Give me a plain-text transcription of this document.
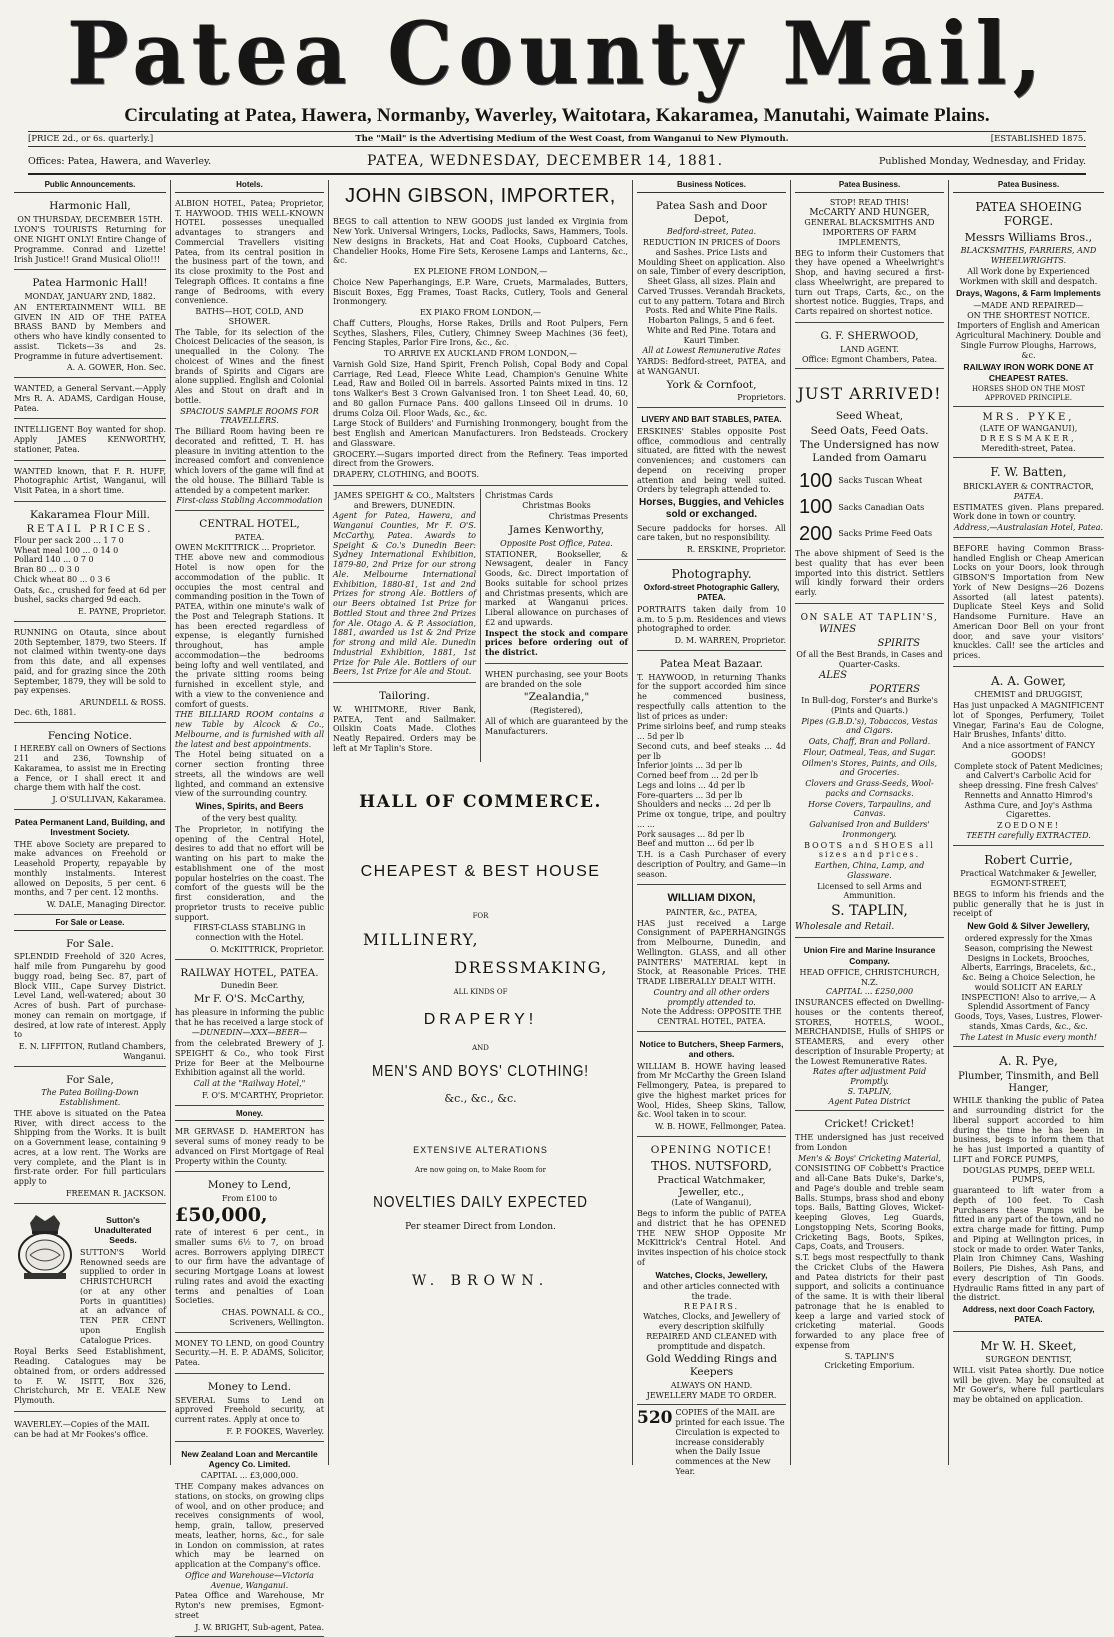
Patea County Mail,
Circulating at Patea, Hawera, Normanby, Waverley, Waitotara, Kakaramea, Manutahi, Waimate Plains.
[PRICE 2d., or 6s. quarterly.]	The "Mail" is the Advertising Medium of the West Coast, from Wanganui to New Plymouth.	[ESTABLISHED 1875.
Offices: Patea, Hawera, and Waverley.	PATEA, WEDNESDAY, DECEMBER 14, 1881.	Published Monday, Wednesday, and Friday.
Public Announcements.
Harmonic Hall,
ON THURSDAY, DECEMBER 15TH.

LYON'S TOURISTS Returning for ONE NIGHT ONLY! Entire Change of Programme. Conrad and Lizette! Irish Justice!! Grand Musical Olio!!!

Patea Harmonic Hall!
MONDAY, JANUARY 2ND, 1882.

AN ENTERTAINMENT WILL BE GIVEN IN AID OF THE PATEA BRASS BAND by Members and others who have kindly consented to assist. Tickets—3s and 2s. Programme in future advertisement.

A. A. GOWER, Hon. Sec.

WANTED, a General Servant.—Apply Mrs R. A. ADAMS, Cardigan House, Patea.

INTELLIGENT Boy wanted for shop. Apply JAMES KENWORTHY, stationer, Patea.

WANTED known, that F. R. HUFF, Photographic Artist, Wanganui, will Visit Patea, in a short time.

Kakaramea Flour Mill.
RETAIL PRICES.
Flour per sack 200 ... 1 7 0
Wheat meal 100 ... 0 14 0
Pollard 140 ... 0 7 0
Bran 80 ... 0 3 0
Chick wheat 80 ... 0 3 6

Oats, &c., crushed for feed at 6d per bushel, sacks charged 9d each.

E. PAYNE, Proprietor.

RUNNING on Otauta, since about 20th September, 1879, two Steers. If not claimed within twenty-one days from this date, and all expenses paid, and for grazing since the 20th September, 1879, they will be sold to pay expenses.

ARUNDELL & ROSS.
Dec. 6th, 1881.
Fencing Notice.

I HEREBY call on Owners of Sections 211 and 236, Township of Kakaramea, to assist me in Erecting a Fence, or I shall erect it and charge them with half the cost.

J. O'SULLIVAN, Kakaramea.
Patea Permanent Land, Building, and Investment Society.

THE above Society are prepared to make advances on Freehold or Leasehold Property, repayable by monthly instalments. Interest allowed on Deposits, 5 per cent. 6 months, and 7 per cent. 12 months.

W. DALE, Managing Director.
For Sale or Lease.
For Sale.

SPLENDID Freehold of 320 Acres, half mile from Pungarehu by good buggy road, being Sec. 87, part of Block VIII., Cape Survey District. Level Land, well-watered; about 30 Acres of bush. Part of purchase-money can remain on mortgage, if desired, at low rate of interest. Apply to

E. N. LIFFITON, Rutland Chambers, Wanganui.
For Sale,
The Patea Boiling-Down Establishment.

THE above is situated on the Patea River, with direct access to the Shipping from the Works. It is built on a Government lease, containing 9 acres, at a low rent. The Works are very complete, and the Plant is in first-rate order. For full particulars apply to

FREEMAN R. JACKSON.
Sutton's Unadulterated Seeds.

SUTTON'S World Renowned seeds are supplied to order in CHRISTCHURCH (or at any other Ports in quantities) at an advance of TEN PER CENT upon English Catalogue Prices.

Royal Berks Seed Establishment, Reading. Catalogues may be obtained from, or orders addressed to F. W. ISITT, Box 326, Christchurch, Mr E. VEALE New Plymouth.

WAVERLEY.—Copies of the MAIL can be had at Mr Fookes's office.

Hotels.

ALBION HOTEL, Patea; Proprietor, T. HAYWOOD. THIS WELL-KNOWN HOTEL possesses unequalled advantages to strangers and Commercial Travellers visiting Patea, from its central position in the business part of the town, and its close proximity to the Post and Telegraph Offices. It contains a fine range of Bedrooms, with every convenience.

BATHS—HOT, COLD, AND SHOWER.

The Table, for its selection of the Choicest Delicacies of the season, is unequalled in the Colony. The choicest of Wines and the finest brands of Spirits and Cigars are alone supplied. English and Colonial Ales and Stout on draft and in bottle.

SPACIOUS SAMPLE ROOMS FOR TRAVELLERS.

The Billiard Room having been re decorated and refitted, T. H. has pleasure in inviting attention to the increased comfort and convenience which lovers of the game will find at the old house. The Billiard Table is attended by a competent marker.

First-class Stabling Accommodation
CENTRAL HOTEL,
PATEA.
OWEN McKITTRICK ... Proprietor.

THE above new and commodious Hotel is now open for the accommodation of the public. It occupies the most central and commanding position in the Town of PATEA, within one minute's walk of the Post and Telegraph Stations. It has been erected regardless of expense, is elegantly furnished throughout, has ample accommodation—the bedrooms being lofty and well ventilated, and the private sitting rooms being furnished in excellent style, and with a view to the convenience and comfort of guests.

THE BILLIARD ROOM contains a new Table by Alcock & Co., Melbourne, and is furnished with all the latest and best appointments.

The Hotel being situated on a corner section fronting three streets, all the windows are well lighted, and command an extensive view of the surrounding country.

Wines, Spirits, and Beers
of the very best quality.

The Proprietor, in notifying the opening of the Central Hotel, desires to add that no effort will be wanting on his part to make the establishment one of the most popular hostelries on the coast. The comfort of the guests will be the first consideration, and the proprietor trusts to receive public support.

FIRST-CLASS STABLING in connection with the Hotel.
O. McKITTRICK, Proprietor.
RAILWAY HOTEL, PATEA.
Dunedin Beer.
Mr F. O'S. McCarthy,

has pleasure in informing the public that he has received a large stock of

—DUNEDIN—XXX—BEER—

from the celebrated Brewery of J. SPEIGHT & Co., who took First Prize for Beer at the Melbourne Exhibition against all the world.

Call at the "Railway Hotel,"
F. O'S. M'CARTHY, Proprietor.
Money.

MR GERVASE D. HAMERTON has several sums of money ready to be advanced on First Mortgage of Real Property within the County.

Money to Lend,
From £100 to
£50,000,

rate of interest 6 per cent., in smaller sums 6½ to 7, on broad acres. Borrowers applying DIRECT to our firm have the advantage of securing Mortgage Loans at lowest ruling rates and avoid the exacting terms and penalties of Loan Societies.

CHAS. POWNALL & CO., Scriveners, Wellington.

MONEY TO LEND, on good Country Security.—H. E. P. ADAMS, Solicitor, Patea.

Money to Lend.

SEVERAL Sums to Lend on approved Freehold security, at current rates. Apply at once to

F. P. FOOKES, Waverley.
New Zealand Loan and Mercantile Agency Co. Limited.
CAPITAL ... £3,000,000.

THE Company makes advances on stations, on stocks, on growing clips of wool, and on other produce; and receives consignments of wool, hemp, grain, tallow, preserved meats, leather, horns, &c., for sale in London on commission, at rates which may be learned on application at the Company's office.

Office and Warehouse—Victoria Avenue, Wanganui.

Patea Office and Warehouse, Mr Ryton's new premises, Egmont-street

J. W. BRIGHT, Sub-agent, Patea.
JOHN GIBSON, IMPORTER,

BEGS to call attention to NEW GOODS just landed ex Virginia from New York. Universal Wringers, Locks, Padlocks, Saws, Hammers, Tools. New designs in Brackets, Hat and Coat Hooks, Cupboard Catches, Chandelier Hooks, Home Fire Sets, Kerosene Lamps and Lanterns, &c., &c.

EX PLEIONE FROM LONDON,—

Choice New Paperhangings, E.P. Ware, Cruets, Marmalades, Butters, Biscuit Boxes, Egg Frames, Toast Racks, Cutlery, Tools and General Ironmongery.

EX PIAKO FROM LONDON,—

Chaff Cutters, Ploughs, Horse Rakes, Drills and Root Pulpers, Fern Scythes, Slashers, Files, Cutlery, Chimney Sweep Machines (36 feet), Fencing Staples, Parlor Fire Irons, &c., &c.

TO ARRIVE EX AUCKLAND FROM LONDON,—

Varnish Gold Size, Hand Spirit, French Polish, Copal Body and Copal Carriage, Red Lead, Fleece White Lead, Champion's Genuine White Lead, Raw and Boiled Oil in barrels. Assorted Paints mixed in tins. 12 tons Walker's Best 3 Crown Galvanised Iron. 1 ton Sheet Lead. 40, 60, and 80 gallon Furnace Pans. 400 gallons Linseed Oil in drums. 10 drums Colza Oil. Floor Wads, &c., &c.

Large Stock of Builders' and Furnishing Ironmongery, bought from the best English and American Manufacturers. Iron Bedsteads. Crockery and Glassware.

GROCERY.—Sugars imported direct from the Refinery. Teas imported direct from the Growers.

DRAPERY, CLOTHING, and BOOTS.

JAMES SPEIGHT & CO., Maltsters and Brewers, DUNEDIN.

Agent for Patea, Hawera, and Wanganui Counties, Mr F. O'S. McCarthy, Patea. Awards to Speight & Co.'s Dunedin Beer: Sydney International Exhibition, 1879-80, 2nd Prize for our strong Ale. Melbourne International Exhibition, 1880-81, 1st and 2nd Prizes for strong Ale. Bottlers of our Beers obtained 1st Prize for Bottled Stout and three 2nd Prizes for Ale. Otago A. & P. Association, 1881, awarded us 1st & 2nd Prize for strong and mild Ale. Dunedin Industrial Exhibition, 1881, 1st Prize for Pale Ale. Bottlers of our Beers, 1st Prize for Ale and Stout.

Tailoring.

W. WHITMORE, River Bank, PATEA, Tent and Sailmaker. Oilskin Coats Made. Clothes Neatly Repaired. Orders may be left at Mr Taplin's Store.

Christmas Cards
Christmas Books
Christmas Presents
James Kenworthy,
Opposite Post Office, Patea.

STATIONER, Bookseller, & Newsagent, dealer in Fancy Goods, &c. Direct importation of Books suitable for school prizes and Christmas presents, which are marked at Wanganui prices. Liberal allowance on purchases of £2 and upwards.

Inspect the stock and compare prices before ordering out of the district.

WHEN purchasing, see your Boots are branded on the sole

"Zealandia,"
(Registered),

All of which are guaranteed by the Manufacturers.

HALL OF COMMERCE.
CHEAPEST & BEST HOUSE
FOR
MILLINERY,
DRESSMAKING,
ALL KINDS OF
DRAPERY!
AND
MEN'S AND BOYS' CLOTHING!
&c., &c., &c.
EXTENSIVE ALTERATIONS
Are now going on, to Make Room for
NOVELTIES DAILY EXPECTED
Per steamer Direct from London.
W. BROWN.
Business Notices.
Patea Sash and Door Depot,
Bedford-street, Patea.

REDUCTION IN PRICES of Doors and Sashes. Price Lists and Moulding Sheet on application. Also on sale, Timber of every description, Sheet Glass, all sizes. Plain and Carved Trusses. Verandah Brackets, cut to any pattern. Totara and Birch Posts. Red and White Pine Rails. Hobarton Palings, 5 and 6 feet. White and Red Pine. Totara and Kauri Timber.

All at Lowest Remunerative Rates

YARDS: Bedford-street, PATEA, and at WANGANUI.

York & Cornfoot,
Proprietors.
LIVERY AND BAIT STABLES, PATEA.

ERSKINES' Stables opposite Post office, commodious and centrally situated, are fitted with the newest conveniences; and customers can depend on receiving proper attention and being well suited. Orders by telegraph attended to.

Horses, Buggies, and Vehicles sold or exchanged.

Secure paddocks for horses. All care taken, but no responsibility.

R. ERSKINE, Proprietor.
Photography.
Oxford-street Photographic Gallery, PATEA.

PORTRAITS taken daily from 10 a.m. to 5 p.m. Residences and views photographed to order.

D. M. WARREN, Proprietor.
Patea Meat Bazaar.

T. HAYWOOD, in returning Thanks for the support accorded him since he commenced business, respectfully calls attention to the list of prices as under:

Prime sirloins beef, and rump steaks ... 5d per lb
Second cuts, and beef steaks ... 4d per lb
Inferior joints ... 3d per lb
Corned beef from ... 2d per lb
Legs and loins ... 4d per lb
Fore-quarters ... 3d per lb
Shoulders and necks ... 2d per lb
Prime ox tongue, tripe, and poultry ... ...
Pork sausages ... 8d per lb
Beef and mutton ... 6d per lb

T.H. is a Cash Purchaser of every description of Poultry, and Game—in season.

WILLIAM DIXON,
PAINTER, &c., PATEA,

HAS just received a Large Consignment of PAPERHANGINGS from Melbourne, Dunedin, and Wellington. GLASS, and all other PAINTERS' MATERIAL kept in Stock, at Reasonable Prices. THE TRADE LIBERALLY DEALT WITH.

Country and all other orders promptly attended to.
Note the Address: OPPOSITE THE CENTRAL HOTEL, PATEA.
Notice to Butchers, Sheep Farmers, and others.

WILLIAM B. HOWE having leased from Mr McCarthy the Green Island Fellmongery, Patea, is prepared to give the highest market prices for Wool, Hides, Sheep Skins, Tallow, &c. Wool taken in to scour.

W. B. HOWE, Fellmonger, Patea.
OPENING NOTICE!
THOS. NUTSFORD,
Practical Watchmaker, Jeweller, etc.,
(Late of Wanganui),

Begs to inform the public of PATEA and district that he has OPENED THE NEW SHOP Opposite Mr McKittrick's Central Hotel. And invites inspection of his choice stock of

Watches, Clocks, Jewellery,
and other articles connected with the trade.
REPAIRS.

Watches, Clocks, and Jewellery of every description skilfully REPAIRED AND CLEANED with promptitude and dispatch.

Gold Wedding Rings and Keepers
ALWAYS ON HAND.
JEWELLERY MADE TO ORDER.
520 COPIES of the MAIL are printed for each issue. The Circulation is expected to increase considerably when the Daily Issue commences at the New Year.
Patea Business.
STOP! READ THIS!
McCARTY AND HUNGER,
GENERAL BLACKSMITHS AND IMPORTERS OF FARM IMPLEMENTS,

BEG to inform their Customers that they have opened a Wheelwright's Shop, and having secured a first-class Wheelwright, are prepared to turn out Traps, Carts, &c., on the shortest notice. Buggies, Traps, and Carts repaired on shortest notice.

G. F. SHERWOOD,
LAND AGENT.
Office: Egmont Chambers, Patea.
JUST ARRIVED!
Seed Wheat,
Seed Oats, Feed Oats.
The Undersigned has now Landed from Oamaru
100	Sacks Tuscan Wheat
100	Sacks Canadian Oats
200	Sacks Prime Feed Oats

The above shipment of Seed is the best quality that has ever been imported into this district. Settlers will kindly forward their orders early.

ON SALE AT TAPLIN'S,
WINES
SPIRITS
Of all the Best Brands, in Cases and Quarter-Casks.
ALES
PORTERS
In Bull-dog, Forster's and Burke's (Pints and Quarts.)

Pipes (G.B.D.'s), Tobaccos, Vestas and Cigars.

Oats, Chaff, Bran and Pollard.

Flour, Oatmeal, Teas, and Sugar.

Oilmen's Stores, Paints, and Oils, and Groceries.

Clovers and Grass-Seeds, Wool-packs and Cornsacks.

Horse Covers, Tarpaulins, and Canvas.

Galvanised Iron and Builders' Ironmongery.

BOOTS and SHOES all sizes and prices.

Earthen, China, Lamp, and Glassware.

Licensed to sell Arms and Ammunition.

S. TAPLIN,
Wholesale and Retail.
Union Fire and Marine Insurance Company.
HEAD OFFICE, CHRISTCHURCH, N.Z.
CAPITAL ... £250,000

INSURANCES effected on Dwelling-houses or the contents thereof, STORES, HOTELS, WOOL, MERCHANDISE, Hulls of SHIPS or STEAMERS, and every other description of Insurable Property; at the Lowest Remunerative Rates.

Rates after adjustment Paid Promptly.
S. TAPLIN,
Agent Patea District
Cricket! Cricket!

THE undersigned has just received from London

Men's & Boys' Cricketing Material,

CONSISTING OF Cobbett's Practice and all-Cane Bats Duke's, Darke's, and Page's double and treble seam Balls. Stumps, brass shod and ebony tops. Bails, Batting Gloves, Wicket-keeping Gloves, Leg Guards, Longstopping Nets, Scoring Books, Cricketing Bags, Boots, Spikes, Caps, Coats, and Trousers.

S.T. begs most respectfully to thank the Cricket Clubs of the Hawera and Patea districts for their past support, and solicits a continuance of the same. It is with their liberal patronage that he is enabled to keep a large and varied stock of cricketing material. Goods forwarded to any place free of expense from

S. TAPLIN'S
Cricketing Emporium.
Patea Business.
PATEA SHOEING FORGE.
Messrs Williams Bros.,
BLACKSMITHS, FARRIERS, AND WHEELWRIGHTS.

All Work done by Experienced Workmen with skill and despatch.

Drays, Wagons, & Farm Implements
—MADE AND REPAIRED—
ON THE SHORTEST NOTICE.

Importers of English and American Agricultural Machinery. Double and Single Furrow Ploughs, Harrows, &c.

RAILWAY IRON WORK DONE AT CHEAPEST RATES.
HORSES SHOD ON THE MOST APPROVED PRINCIPLE.
MRS. PYKE,
(LATE OF WANGANUI),
DRESSMAKER,
Meredith-street, Patea.
F. W. Batten,
BRICKLAYER & CONTRACTOR,
PATEA.

ESTIMATES given. Plans prepared. Work done in town or country.

Address,—Australasian Hotel, Patea.

BEFORE having Common Brass-handled English or Cheap American Locks on your Doors, look through GIBSON'S Importation from New York of New Designs—26 Dozens Assorted (all latest patents). Duplicate Steel Keys and Solid Handsome Furniture. Have an American Door Bell on your front door, and save your visitors' knuckles. Call! see the articles and prices.

A. A. Gower,
CHEMIST and DRUGGIST,

Has just unpacked A MAGNIFICENT lot of Sponges, Perfumery, Toilet Vinegar, Farina's Eau de Cologne, Hair Brushes, Infants' ditto.

And a nice assortment of FANCY GOODS!

Complete stock of Patent Medicines; and Calvert's Carbolic Acid for sheep dressing. Fine fresh Calves' Rennetts and Annatto Himrod's Asthma Cure, and Joy's Asthma Cigarettes.

ZOEDONE!
TEETH carefully EXTRACTED.
Robert Currie,
Practical Watchmaker & Jeweller,
EGMONT-STREET,

BEGS to inform his friends and the public generally that he is just in receipt of

New Gold & Silver Jewellery,

ordered expressly for the Xmas Season, comprising the Newest Designs in Lockets, Brooches, Alberts, Earrings, Bracelets, &c., &c. Being a Choice Selection, he would SOLICIT AN EARLY INSPECTION! Also to arrive,— A Splendid Assortment of Fancy Goods, Toys, Vases, Lustres, Flower-stands, Xmas Cards, &c., &c.

The Latest in Music every month!
A. R. Pye,
Plumber, Tinsmith, and Bell Hanger,

WHILE thanking the public of Patea and surrounding district for the liberal support accorded to him during the time he has been in business, begs to inform them that he has just imported a quantity of LIFT and FORCE PUMPS,

DOUGLAS PUMPS, DEEP WELL PUMPS,

guaranteed to lift water from a depth of 100 feet. To Cash Purchasers these Pumps will be fitted in any part of the town, and no extra charge made for fitting. Pump and Piping at Wellington prices, in stock or made to order. Water Tanks, Plain Iron Chimney Cans, Washing Boilers, Pie Dishes, Ash Pans, and every description of Tin Goods. Hydraulic Rams fitted in any part of the district.

Address, next door Coach Factory, PATEA.
Mr W. H. Skeet,
SURGEON DENTIST,

WILL visit Patea shortly. Due notice will be given. May be consulted at Mr Gower's, where full particulars may be obtained on application.
